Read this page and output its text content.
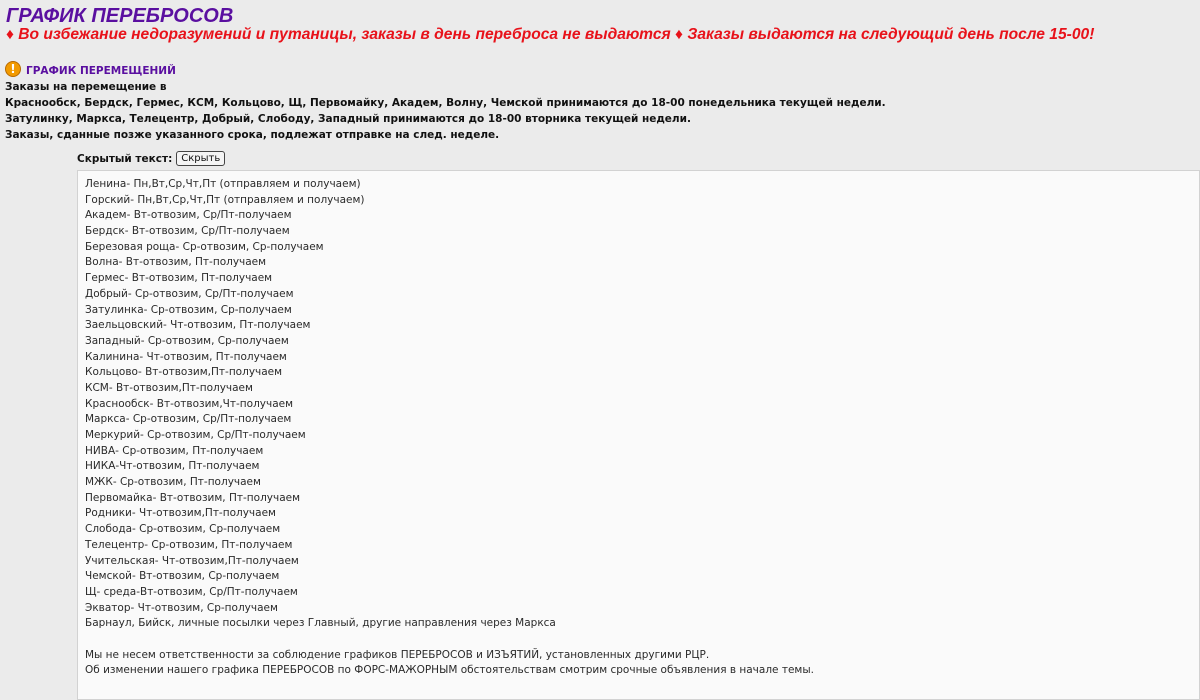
ГРАФИК ПЕРЕБРОСОВ
♦ Во избежание недоразумений и путаницы, заказы в день переброса не выдаются ♦ Заказы выдаются на следующий день после 15-00!
! ГРАФИК ПЕРЕМЕЩЕНИЙ
Заказы на перемещение в
Краснообск, Бердск, Гермес, КСМ, Кольцово, Щ, Первомайку, Академ, Волну, Чемской принимаются до 18-00 понедельника текущей недели.
Затулинку, Маркса, Телецентр, Добрый, Слободу, Западный принимаются до 18-00 вторника текущей недели.
Заказы, сданные позже указанного срока, подлежат отправке на след. неделе.
Скрытый текст: Скрыть
Ленина- Пн,Вт,Ср,Чт,Пт (отправляем и получаем)
Горский- Пн,Вт,Ср,Чт,Пт (отправляем и получаем)
Академ- Вт-отвозим, Ср/Пт-получаем
Бердск- Вт-отвозим, Ср/Пт-получаем
Березовая роща- Ср-отвозим, Ср-получаем
Волна- Вт-отвозим, Пт-получаем
Гермес- Вт-отвозим, Пт-получаем
Добрый- Ср-отвозим, Ср/Пт-получаем
Затулинка- Ср-отвозим, Ср-получаем
Заельцовский- Чт-отвозим, Пт-получаем
Западный- Ср-отвозим, Ср-получаем
Калинина- Чт-отвозим, Пт-получаем
Кольцово- Вт-отвозим,Пт-получаем
КСМ- Вт-отвозим,Пт-получаем
Краснообск- Вт-отвозим,Чт-получаем
Маркса- Ср-отвозим, Ср/Пт-получаем
Меркурий- Ср-отвозим, Ср/Пт-получаем
НИВА- Ср-отвозим, Пт-получаем
НИКА-Чт-отвозим, Пт-получаем
МЖК- Ср-отвозим, Пт-получаем
Первомайка- Вт-отвозим, Пт-получаем
Родники- Чт-отвозим,Пт-получаем
Слобода- Ср-отвозим, Ср-получаем
Телецентр- Ср-отвозим, Пт-получаем
Учительская- Чт-отвозим,Пт-получаем
Чемской- Вт-отвозим, Ср-получаем
Щ- среда-Вт-отвозим, Ср/Пт-получаем
Экватор- Чт-отвозим, Ср-получаем
Барнаул, Бийск, личные посылки через Главный, другие направления через Маркса
Мы не несем ответственности за соблюдение графиков ПЕРЕБРОСОВ и ИЗЪЯТИЙ, установленных другими РЦР.
Об изменении нашего графика ПЕРЕБРОСОВ по ФОРС-МАЖОРНЫМ обстоятельствам смотрим срочные объявления в начале темы.
